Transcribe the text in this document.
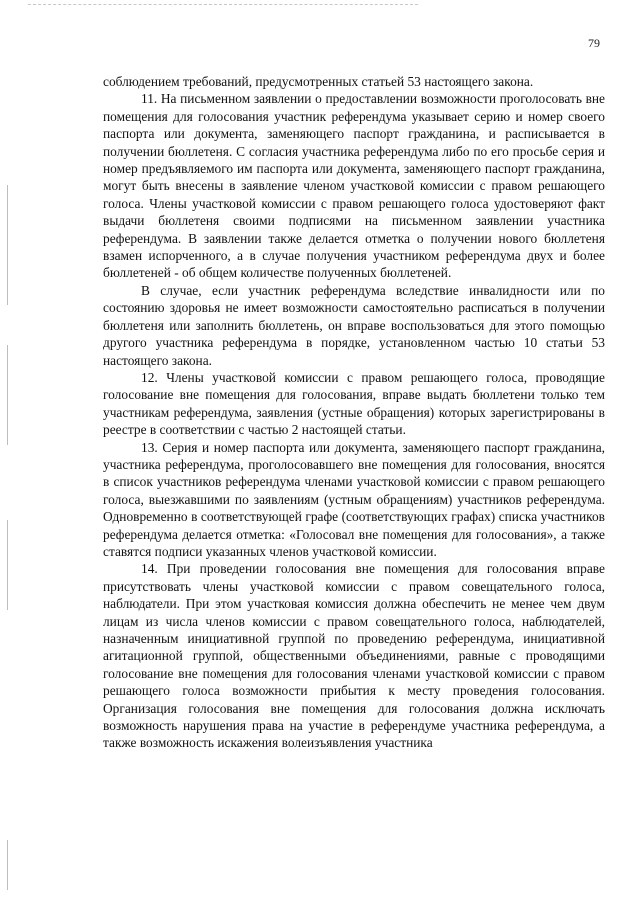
79

соблюдением требований, предусмотренных статьей 53 настоящего закона.

11. На письменном заявлении о предоставлении возможности проголосовать вне помещения для голосования участник референдума указывает серию и номер своего паспорта или документа, заменяющего паспорт гражданина, и расписывается в получении бюллетеня. С согласия участника референдума либо по его просьбе серия и номер предъявляемого им паспорта или документа, заменяющего паспорт гражданина, могут быть внесены в заявление членом участковой комиссии с правом решающего голоса. Члены участковой комиссии с правом решающего голоса удостоверяют факт выдачи бюллетеня своими подписями на письменном заявлении участника референдума. В заявлении также делается отметка о получении нового бюллетеня взамен испорченного, а в случае получения участником референдума двух и более бюллетеней - об общем количестве полученных бюллетеней.

В случае, если участник референдума вследствие инвалидности или по состоянию здоровья не имеет возможности самостоятельно расписаться в получении бюллетеня или заполнить бюллетень, он вправе воспользоваться для этого помощью другого участника референдума в порядке, установленном частью 10 статьи 53 настоящего закона.

12. Члены участковой комиссии с правом решающего голоса, проводящие голосование вне помещения для голосования, вправе выдать бюллетени только тем участникам референдума, заявления (устные обращения) которых зарегистрированы в реестре в соответствии с частью 2 настоящей статьи.

13. Серия и номер паспорта или документа, заменяющего паспорт гражданина, участника референдума, проголосовавшего вне помещения для голосования, вносятся в список участников референдума членами участковой комиссии с правом решающего голоса, выезжавшими по заявлениям (устным обращениям) участников референдума. Одновременно в соответствующей графе (соответствующих графах) списка участников референдума делается отметка: «Голосовал вне помещения для голосования», а также ставятся подписи указанных членов участковой комиссии.

14. При проведении голосования вне помещения для голосования вправе присутствовать члены участковой комиссии с правом совещательного голоса, наблюдатели. При этом участковая комиссия должна обеспечить не менее чем двум лицам из числа членов комиссии с правом совещательного голоса, наблюдателей, назначенным инициативной группой по проведению референдума, инициативной агитационной группой, общественными объединениями, равные с проводящими голосование вне помещения для голосования членами участковой комиссии с правом решающего голоса возможности прибытия к месту проведения голосования. Организация голосования вне помещения для голосования должна исключать возможность нарушения права на участие в референдуме участника референдума, а также возможность искажения волеизъявления участника
